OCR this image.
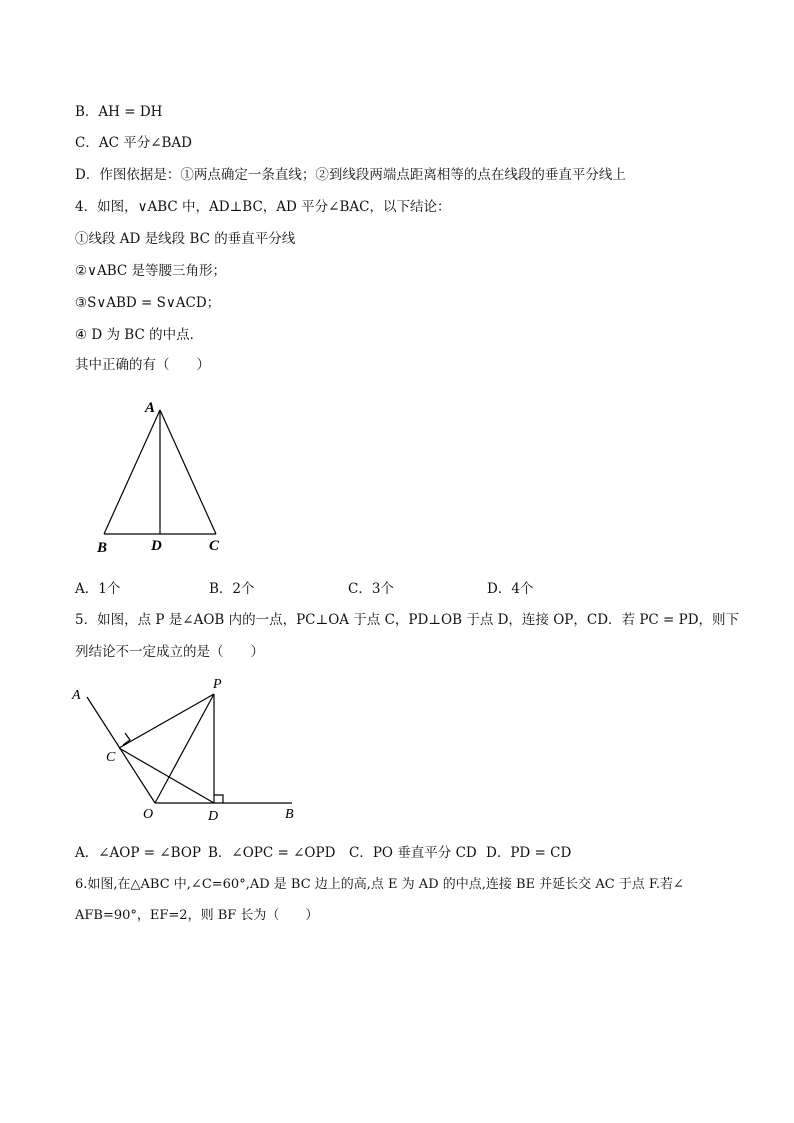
B．AH = DH
C．AC 平分∠BAD
D．作图依据是：①两点确定一条直线；②到线段两端点距离相等的点在线段的垂直平分线上
4．如图，∨ABC 中，AD⊥BC，AD 平分∠BAC，以下结论：
①线段 AD 是线段 BC 的垂直平分线
②∨ABC 是等腰三角形；
③S∨ABD = S∨ACD；
④ D 为 BC 的中点．
其中正确的有（　　）
A
B	D	C
A．1个	B．2个	C．3个	D．4个
5．如图，点 P 是∠AOB 内的一点，PC⊥OA 于点 C，PD⊥OB 于点 D，连接 OP，CD．若 PC = PD，则下
列结论不一定成立的是（　　）
A
P
C
O	D	B
A．∠AOP = ∠BOP B．∠OPC = ∠OPD C．PO 垂直平分 CD D．PD = CD
6.如图,在△ABC 中,∠C=60°,AD 是 BC 边上的高,点 E 为 AD 的中点,连接 BE 并延长交 AC 于点 F.若∠
AFB=90°，EF=2，则 BF 长为（　　）
